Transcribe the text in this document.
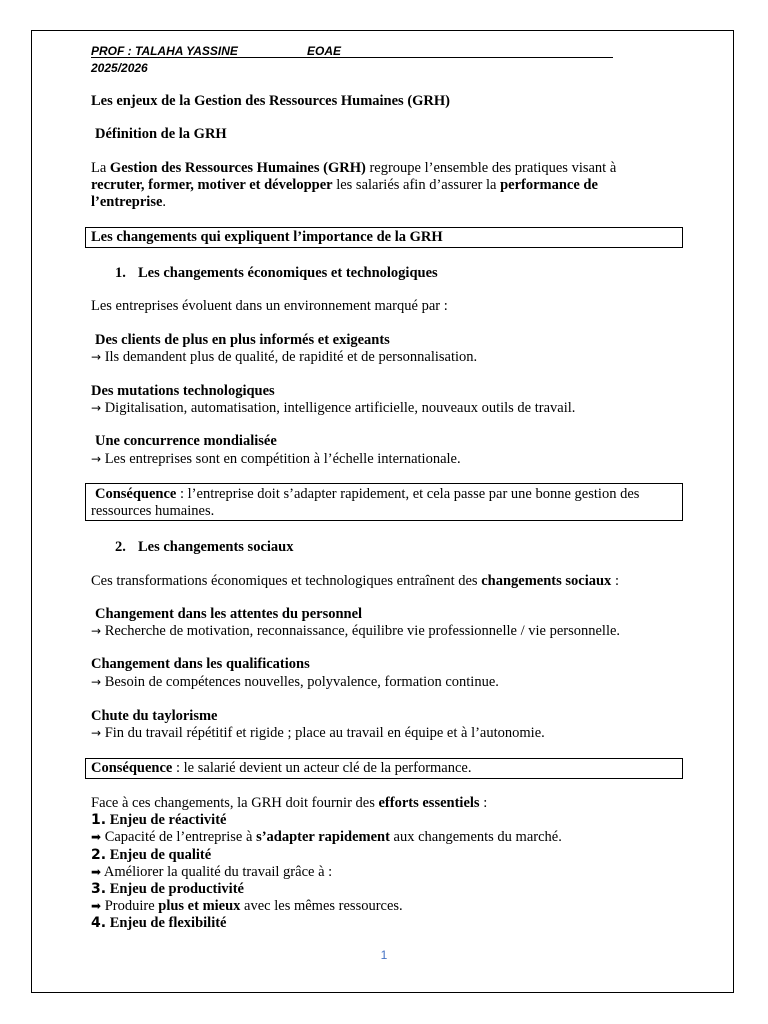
PROF : TALAHA YASSINE	EOAE
2025/2026
Les enjeux de la Gestion des Ressources Humaines (GRH)
Définition de la GRH
La Gestion des Ressources Humaines (GRH) regroupe l’ensemble des pratiques visant à
recruter, former, motiver et développer les salariés afin d’assurer la performance de
l’entreprise.
Les changements qui expliquent l’importance de la GRH
1. Les changements économiques et technologiques
Les entreprises évoluent dans un environnement marqué par :
Des clients de plus en plus informés et exigeants
→ Ils demandent plus de qualité, de rapidité et de personnalisation.
Des mutations technologiques
→ Digitalisation, automatisation, intelligence artificielle, nouveaux outils de travail.
Une concurrence mondialisée
→ Les entreprises sont en compétition à l’échelle internationale.
Conséquence : l’entreprise doit s’adapter rapidement, et cela passe par une bonne gestion des
ressources humaines.
2. Les changements sociaux
Ces transformations économiques et technologiques entraînent des changements sociaux :
Changement dans les attentes du personnel
→ Recherche de motivation, reconnaissance, équilibre vie professionnelle / vie personnelle.
Changement dans les qualifications
→ Besoin de compétences nouvelles, polyvalence, formation continue.
Chute du taylorisme
→ Fin du travail répétitif et rigide ; place au travail en équipe et à l’autonomie.
Conséquence : le salarié devient un acteur clé de la performance.
Face à ces changements, la GRH doit fournir des efforts essentiels :
1. Enjeu de réactivité
➡ Capacité de l’entreprise à s’adapter rapidement aux changements du marché.
2. Enjeu de qualité
➡ Améliorer la qualité du travail grâce à :
3. Enjeu de productivité
➡ Produire plus et mieux avec les mêmes ressources.
4. Enjeu de flexibilité
1
